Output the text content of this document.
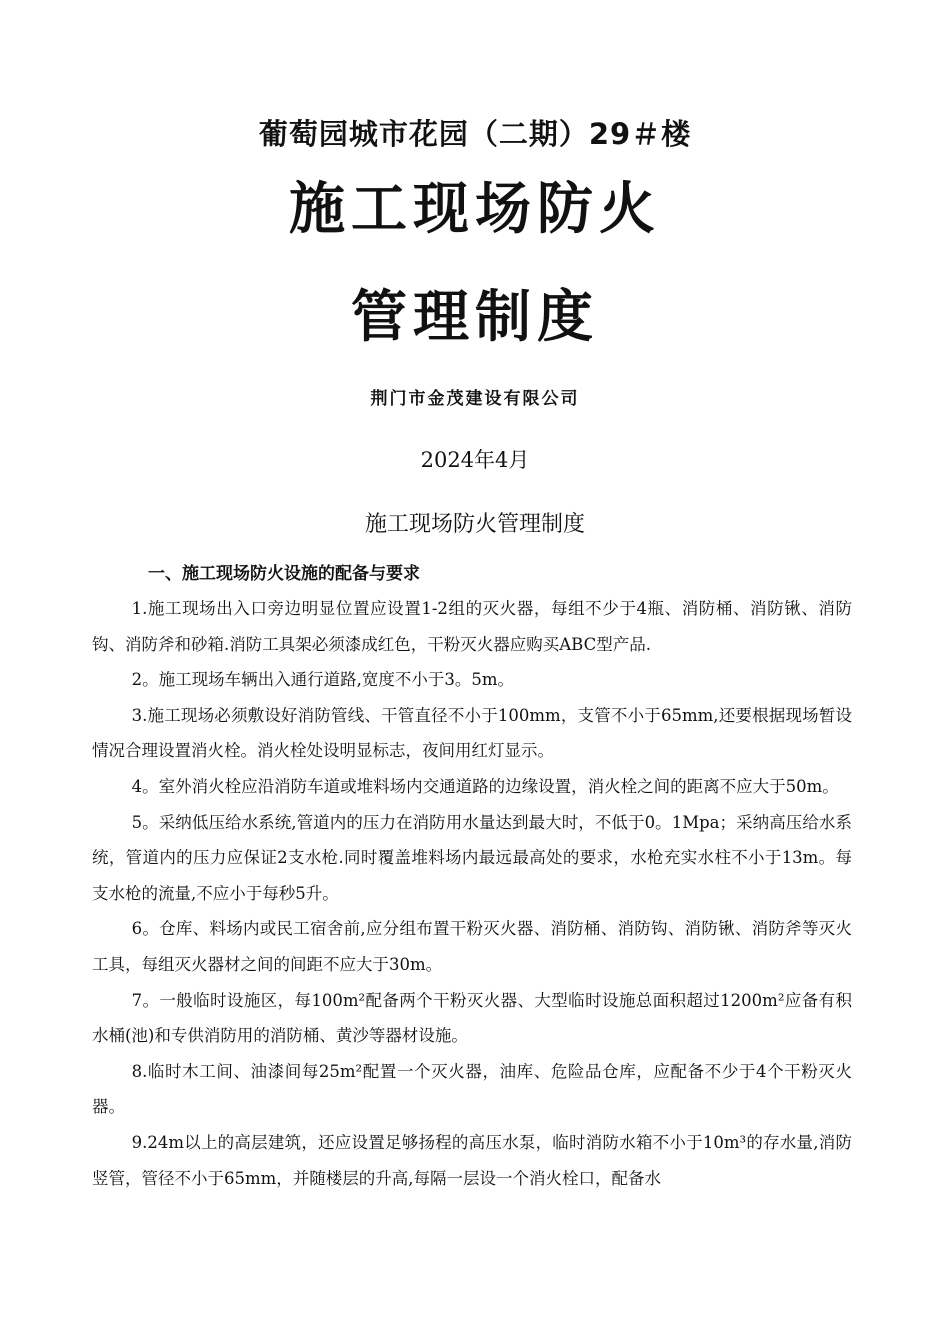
葡萄园城市花园（二期）29＃楼
施工现场防火
管理制度
荆门市金茂建设有限公司
2024年4月
施工现场防火管理制度
一、施工现场防火设施的配备与要求

1.施工现场出入口旁边明显位置应设置1-2组的灭火器，每组不少于4瓶、消防桶、消防锹、消防钩、消防斧和砂箱.消防工具架必须漆成红色，干粉灭火器应购买ABC型产品.

2。施工现场车辆出入通行道路,宽度不小于3。5m。

3.施工现场必须敷设好消防管线、干管直径不小于100mm，支管不小于65mm,还要根据现场暂设情况合理设置消火栓。消火栓处设明显标志，夜间用红灯显示。

4。室外消火栓应沿消防车道或堆料场内交通道路的边缘设置，消火栓之间的距离不应大于50m。

5。采纳低压给水系统,管道内的压力在消防用水量达到最大时，不低于0。1Mpa；采纳高压给水系统，管道内的压力应保证2支水枪.同时覆盖堆料场内最远最高处的要求，水枪充实水柱不小于13m。每支水枪的流量,不应小于每秒5升。

6。仓库、料场内或民工宿舍前,应分组布置干粉灭火器、消防桶、消防钩、消防锹、消防斧等灭火工具，每组灭火器材之间的间距不应大于30m。

7。一般临时设施区，每100m²配备两个干粉灭火器、大型临时设施总面积超过1200m²应备有积水桶(池)和专供消防用的消防桶、黄沙等器材设施。

8.临时木工间、油漆间每25m²配置一个灭火器，油库、危险品仓库，应配备不少于4个干粉灭火器。

9.24m以上的高层建筑，还应设置足够扬程的高压水泵，临时消防水箱不小于10m³的存水量,消防竖管，管径不小于65mm，并随楼层的升高,每隔一层设一个消火栓口，配备水
